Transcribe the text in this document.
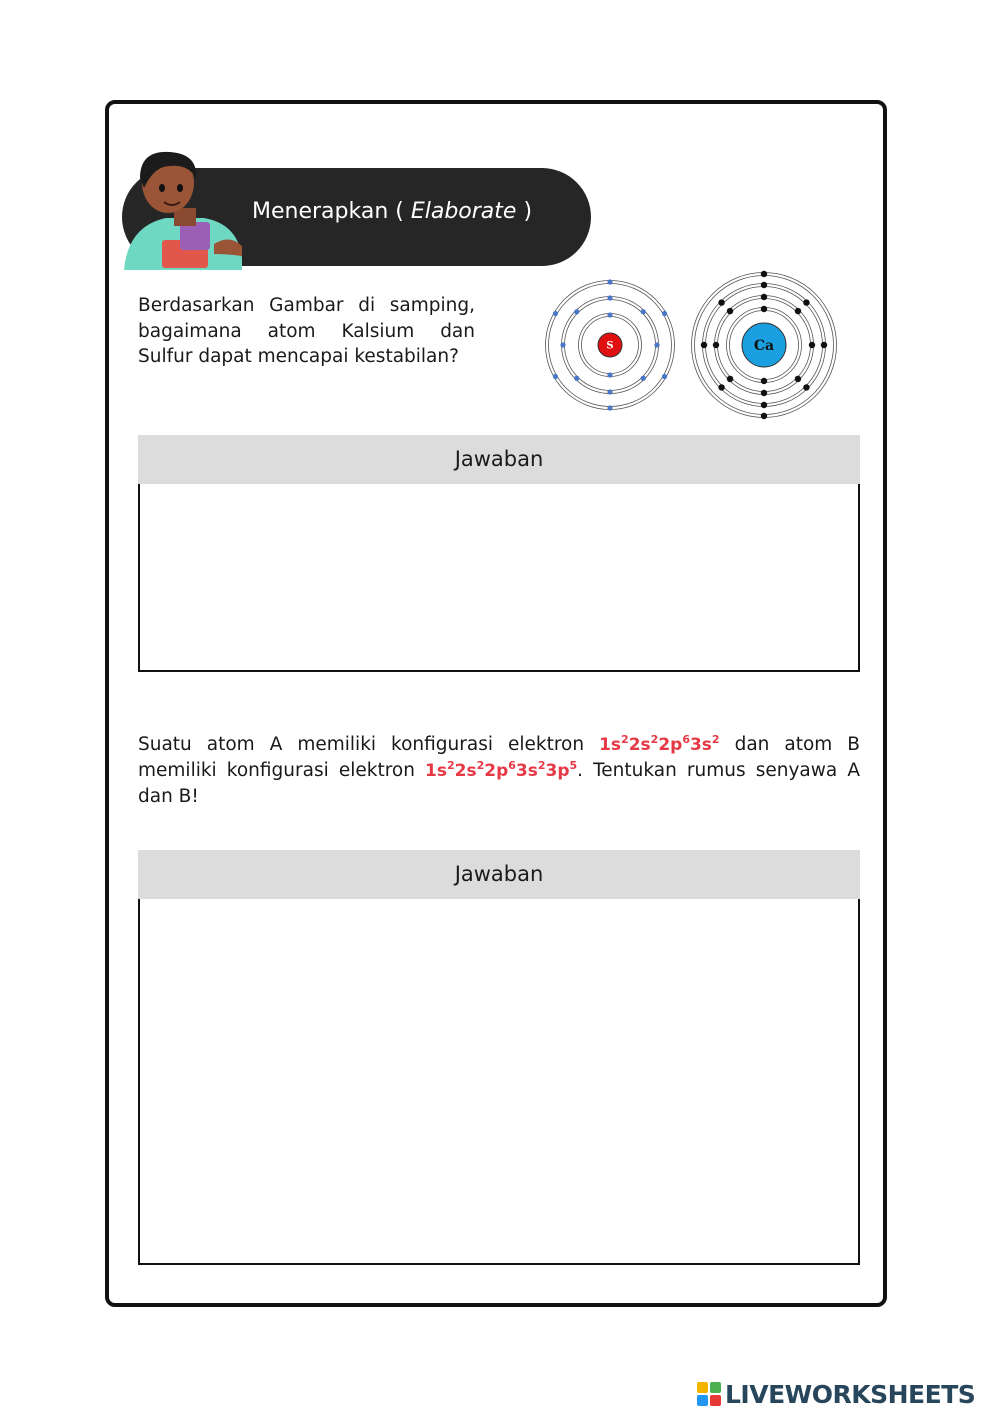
Menerapkan ( Elaborate )
Berdasarkan Gambar di samping, bagaimana atom Kalsium dan Sulfur dapat mencapai kestabilan?	S	Ca
Jawaban
Suatu atom A memiliki konfigurasi elektron $1s^22s^22p^63s^2$ dan atom B memiliki konfigurasi elektron $1s^22s^22p^63s^23p^5$. Tentukan rumus senyawa A dan B!
Jawaban
LIVEWORKSHEETS
